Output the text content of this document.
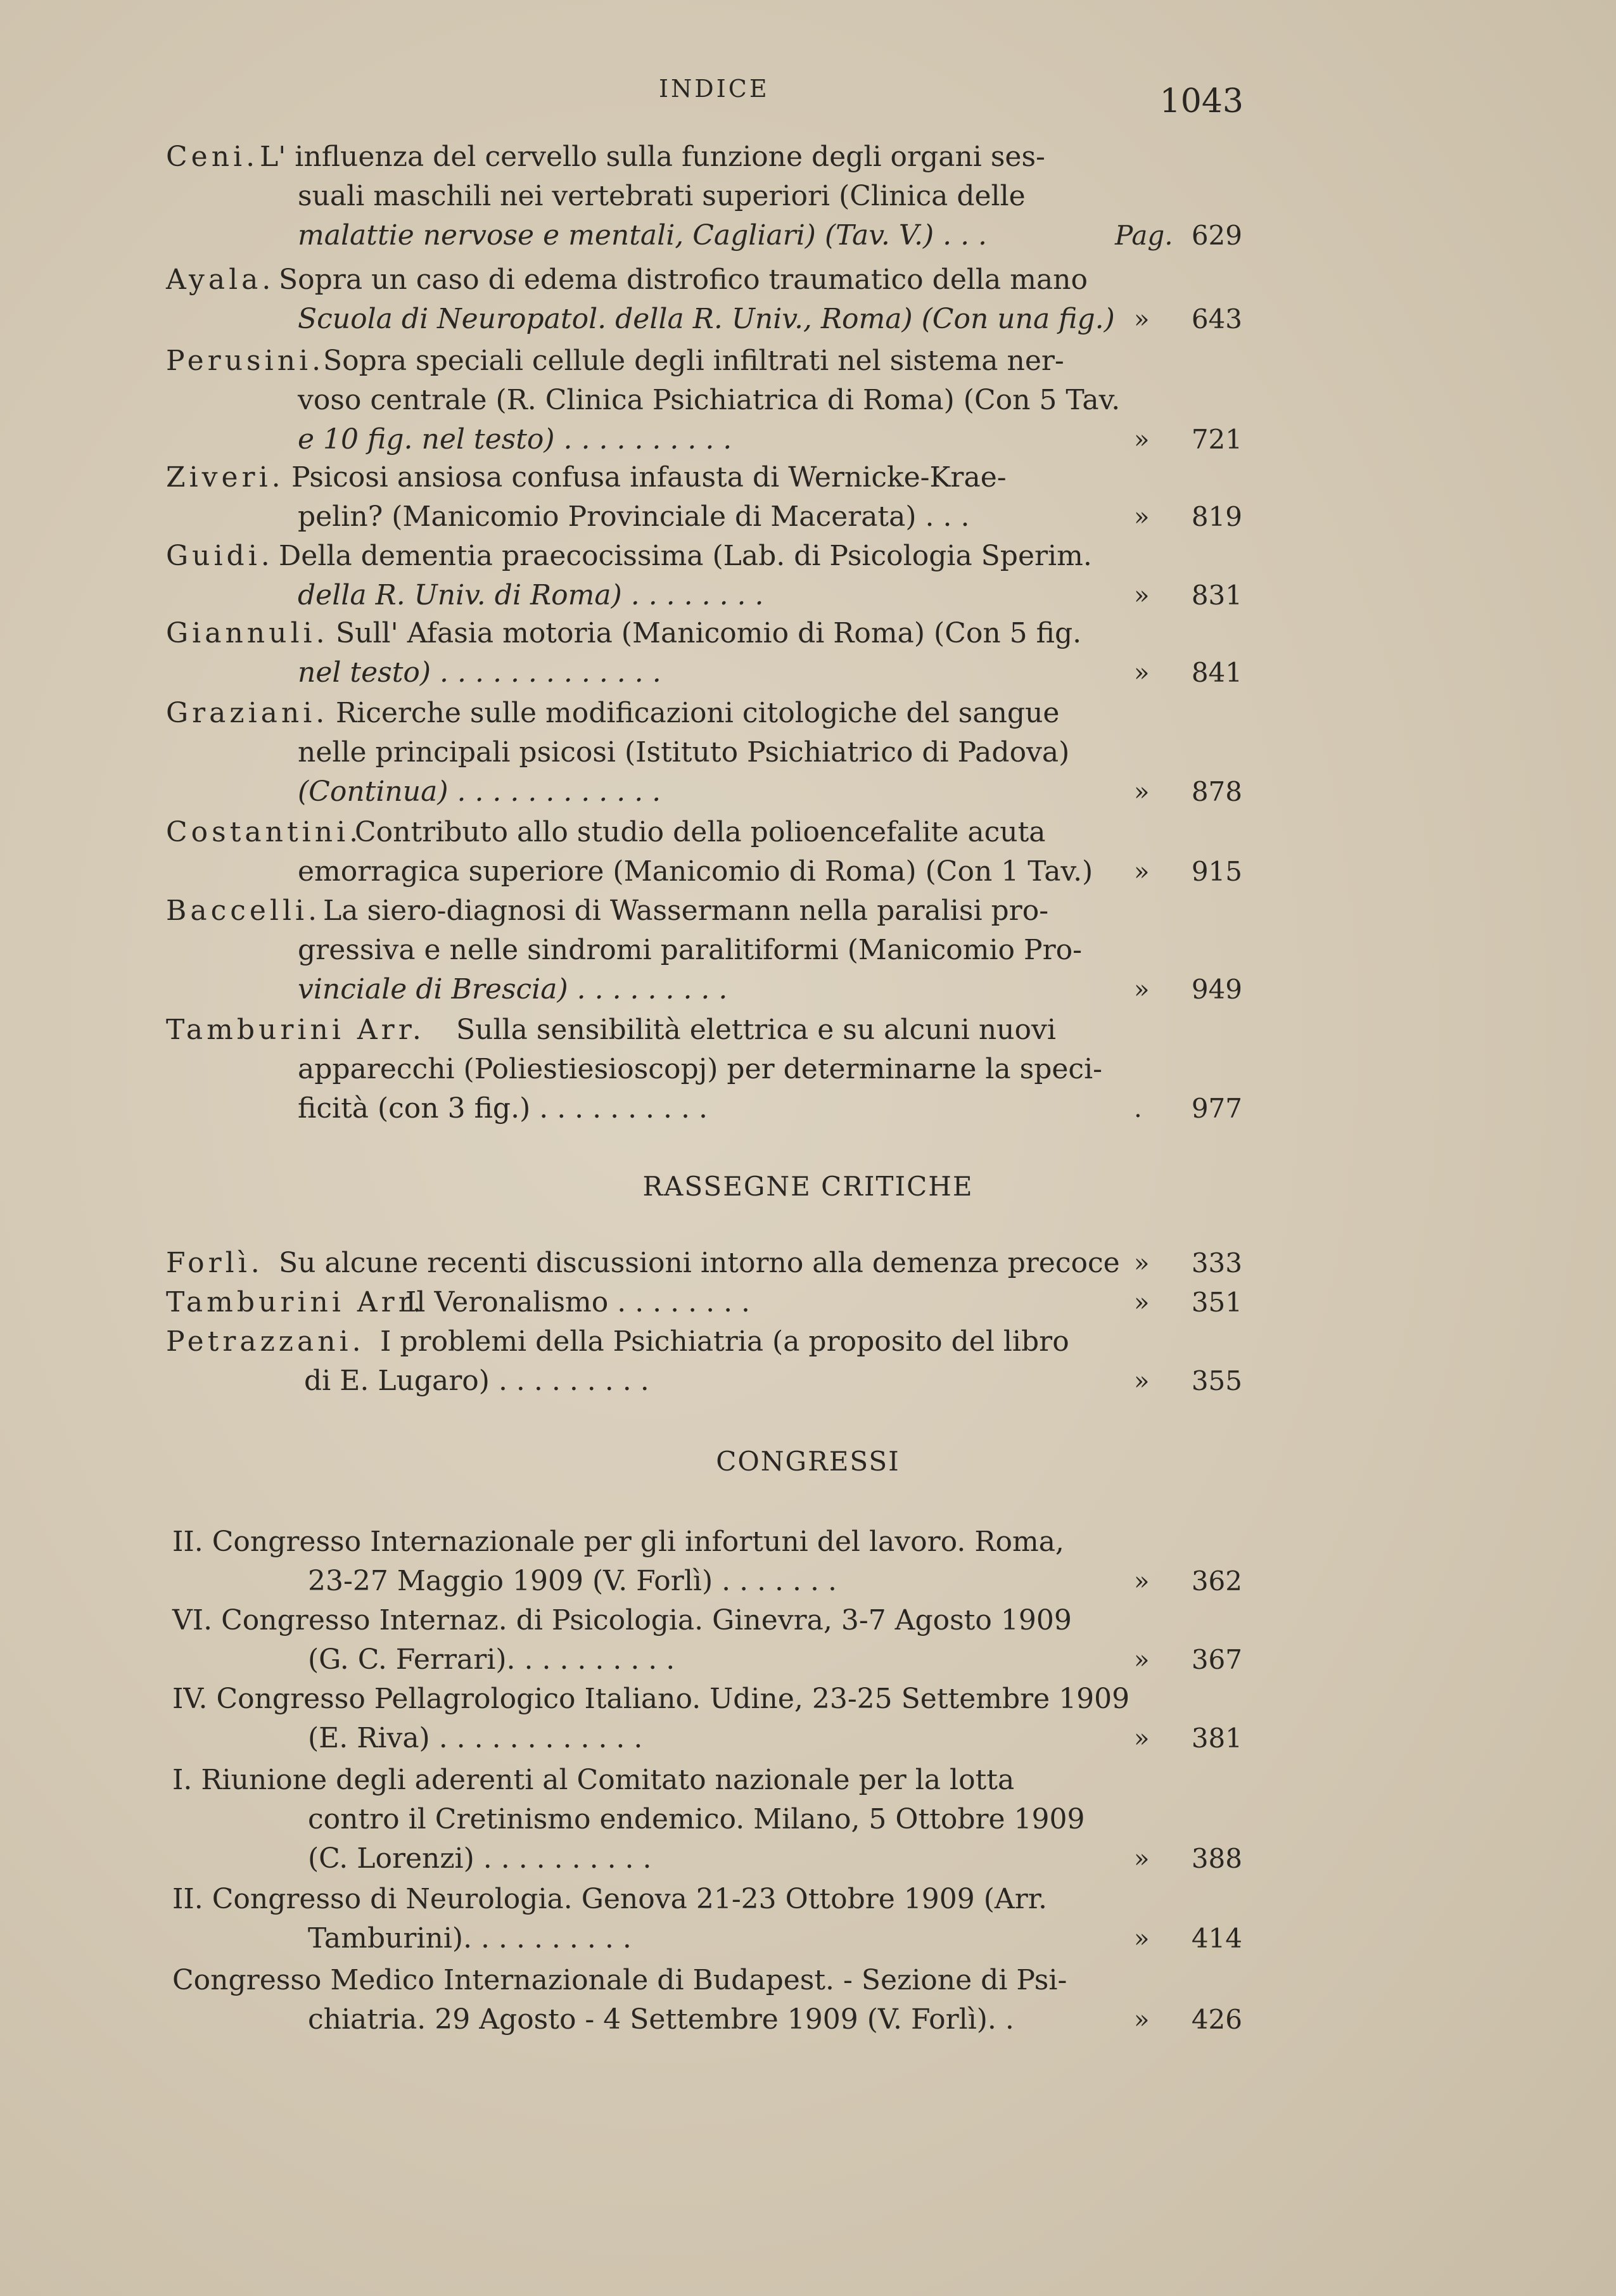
INDICE	1043
Ceni. L' influenza del cervello sulla funzione degli organi ses-
suali maschili nei vertebrati superiori (Clinica delle
malattie nervose e mentali, Cagliari) (Tav. V.) . . .	Pag. 629
Ayala. Sopra un caso di edema distrofico traumatico della mano
Scuola di Neuropatol. della R. Univ., Roma) (Con una fig.) » 643
Perusini.
Sopra speciali cellule degli infiltrati nel sistema ner-
voso centrale (R. Clinica Psichiatrica di Roma) (Con 5 Tav.
e 10 fig. nel testo) . . . . . . . . . .	» 721
Ziveri. Psicosi ansiosa confusa infausta di Wernicke-Krae-
pelin? (Manicomio Provinciale di Macerata) . . .	» 819
Guidi. Della dementia praecocissima (Lab. di Psicologia Sperim.
della R. Univ. di Roma) . . . . . . . .	» 831
Giannuli. Sull' Afasia motoria (Manicomio di Roma) (Con 5 fig.
nel testo) . . . . . . . . . . . . .	» 841
Graziani. Ricerche sulle modificazioni citologiche del sangue
nelle principali psicosi (Istituto Psichiatrico di Padova)
(Continua) . . . . . . . . . . . .	» 878
Costantini.
Contributo allo studio della polioencefalite acuta
emorragica superiore (Manicomio di Roma) (Con 1 Tav.) » 915
Baccelli. La siero-diagnosi di Wassermann nella paralisi pro-
gressiva e nelle sindromi paralitiformi (Manicomio Pro-
vinciale di Brescia) . . . . . . . . .	» 949
Tamburini Arr. Sulla sensibilità elettrica e su alcuni nuovi
apparecchi (Poliestiesioscopj) per determinarne la speci-
ficità (con 3 fig.) . . . . . . . . . .	. 977
RASSEGNE CRITICHE
Forlì. Su alcune recenti discussioni intorno alla demenza precoce » 333
Tamburini Arr.
Il Veronalismo . . . . . . . .	» 351
Petrazzani. I problemi della Psichiatria (a proposito del libro
di E. Lugaro) . . . . . . . . .	» 355
CONGRESSI
II. Congresso Internazionale per gli infortuni del lavoro. Roma,
23-27 Maggio 1909 (V. Forlì) . . . . . . .	» 362
VI. Congresso Internaz. di Psicologia. Ginevra, 3-7 Agosto 1909
(G. C. Ferrari). . . . . . . . . .	» 367
IV. Congresso Pellagrologico Italiano. Udine, 23-25 Settembre 1909
(E. Riva) . . . . . . . . . . . .	» 381
I. Riunione degli aderenti al Comitato nazionale per la lotta
contro il Cretinismo endemico. Milano, 5 Ottobre 1909
(C. Lorenzi) . . . . . . . . . .	» 388
II. Congresso di Neurologia. Genova 21-23 Ottobre 1909 (Arr.
Tamburini). . . . . . . . . .	» 414
Congresso Medico Internazionale di Budapest. - Sezione di Psi-
chiatria. 29 Agosto - 4 Settembre 1909 (V. Forlì). .	» 426
